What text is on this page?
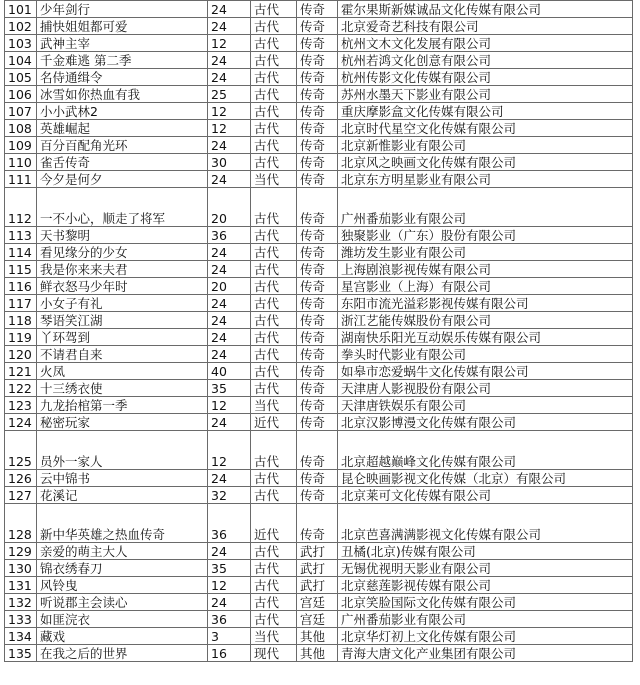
101	少年剑行	24	古代	传奇	霍尔果斯新媒诚品文化传媒有限公司
102	捕快姐姐都可爱	24	古代	传奇	北京爱奇艺科技有限公司
103	武神主宰	12	古代	传奇	杭州文木文化发展有限公司
104	千金难逃 第二季	24	古代	传奇	杭州若鸿文化创意有限公司
105	名侍通缉令	24	古代	传奇	杭州传影文化传媒有限公司
106	冰雪如你热血有我	25	古代	传奇	苏州水墨天下影业有限公司
107	小小武林2	12	古代	传奇	重庆摩影盒文化传媒有限公司
108	英雄崛起	12	古代	传奇	北京时代星空文化传媒有限公司
109	百分百配角光环	24	古代	传奇	北京新惟影业有限公司
110	雀舌传奇	30	古代	传奇	北京风之映画文化传媒有限公司
111	今夕是何夕	24	当代	传奇	北京东方明星影业有限公司
112	一不小心，顺走了将军	20	古代	传奇	广州番茄影业有限公司
113	天书黎明	36	古代	传奇	独聚影业（广东）股份有限公司
114	看见缘分的少女	24	古代	传奇	潍坊发生影业有限公司
115	我是你来来夫君	24	古代	传奇	上海剧浪影视传媒有限公司
116	鲜衣怒马少年时	20	古代	传奇	星宫影业（上海）有限公司
117	小女子有礼	24	古代	传奇	东阳市流光溢彩影视传媒有限公司
118	琴语笑江湖	24	古代	传奇	浙江艺能传媒股份有限公司
119	丫环驾到	24	古代	传奇	湖南快乐阳光互动娱乐传媒有限公司
120	不请君自来	24	古代	传奇	拳头时代影业有限公司
121	火凤	40	古代	传奇	如皋市恋爱蜗牛文化传媒有限公司
122	十三绣衣使	35	古代	传奇	天津唐人影视股份有限公司
123	九龙抬棺第一季	12	当代	传奇	天津唐铁娱乐有限公司
124	秘密玩家	24	近代	传奇	北京汉影博漫文化传媒有限公司
125	员外一家人	12	古代	传奇	北京超越巅峰文化传媒有限公司
126	云中锦书	24	古代	传奇	昆仑映画影视文化传媒（北京）有限公司
127	花溪记	32	古代	传奇	北京莱可文化传媒有限公司
128	新中华英雄之热血传奇	36	近代	传奇	北京芭喜满满影视文化传媒有限公司
129	亲爱的萌主大人	24	古代	武打	丑橘(北京)传媒有限公司
130	锦衣绣春刀	35	古代	武打	无锡优视明天影业有限公司
131	风铃曳	12	古代	武打	北京慈莲影视传媒有限公司
132	听说郡主会读心	24	古代	宫廷	北京笑脸国际文化传媒有限公司
133	如匪浣衣	36	古代	宫廷	广州番茄影业有限公司
134	藏戏	3	当代	其他	北京华灯初上文化传媒有限公司
135	在我之后的世界	16	现代	其他	青海大唐文化产业集团有限公司
